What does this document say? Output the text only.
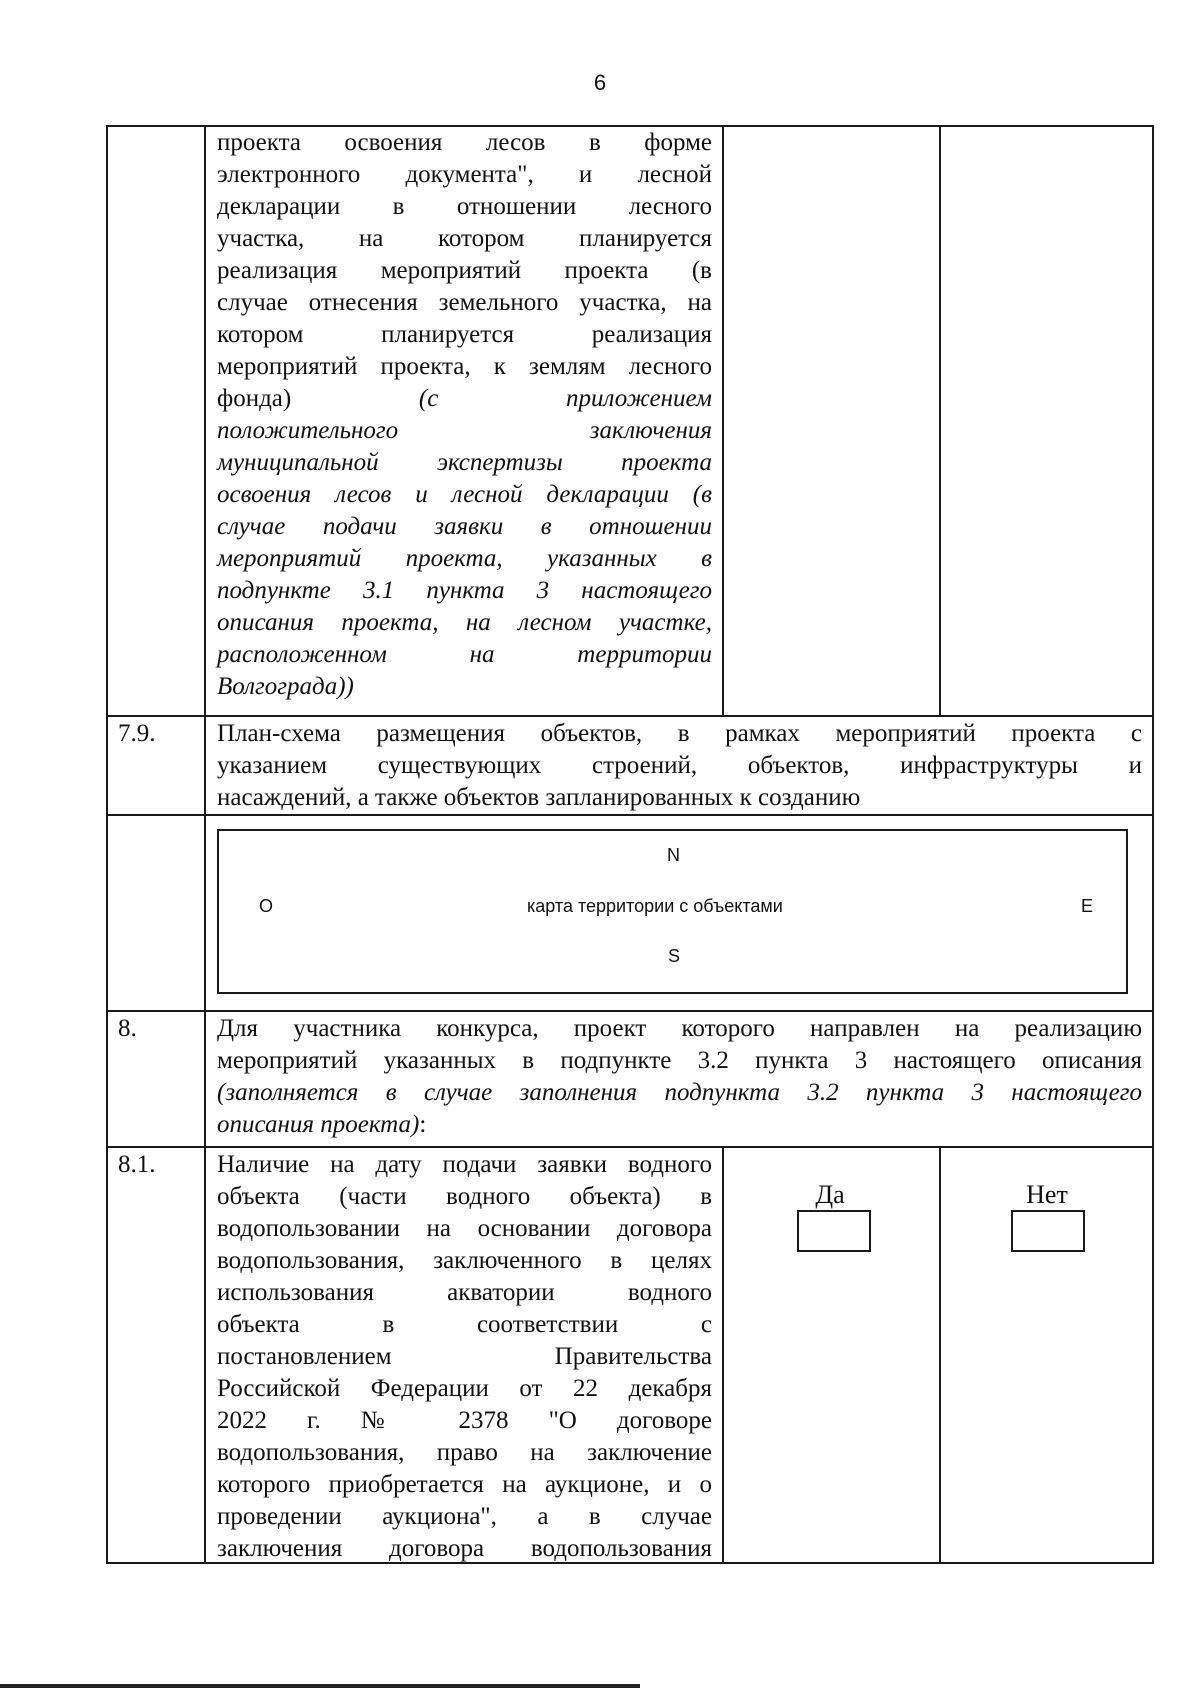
6
проекта освоения лесов в форме
электронного документа", и лесной
декларации в отношении лесного
участка, на котором планируется
реализация мероприятий проекта (в
случае отнесения земельного участка, на
котором планируется реализация
мероприятий проекта, к землям лесного
фонда)	(с	приложением
положительного заключения
муниципальной экспертизы проекта
освоения лесов и лесной декларации (в
случае подачи заявки в отношении
мероприятий проекта, указанных в
подпункте 3.1 пункта 3 настоящего
описания проекта, на лесном участке,
расположенном на территории
Волгограда))
7.9. План-схема размещения объектов, в рамках мероприятий проекта с
указанием существующих строений, объектов, инфраструктуры и
насаждений, а также объектов запланированных к созданию
N
O	карта территории с объектами	E
S
8.	Для участника конкурса, проект которого направлен на реализацию
мероприятий указанных в подпункте 3.2 пункта 3 настоящего описания
(заполняется в случае заполнения подпункта 3.2 пункта 3 настоящего
описания проекта):
8.1. Наличие на дату подачи заявки водного
объекта (части водного объекта) в
водопользовании на основании договора
водопользования, заключенного в целях
использования акватории водного
объекта в соответствии с
постановлением Правительства
Российской Федерации от 22 декабря
2022 г. № 2378 "О договоре
водопользования, право на заключение
которого приобретается на аукционе, и о
проведении аукциона", а в случае
заключения договора водопользования
Да	Нет
